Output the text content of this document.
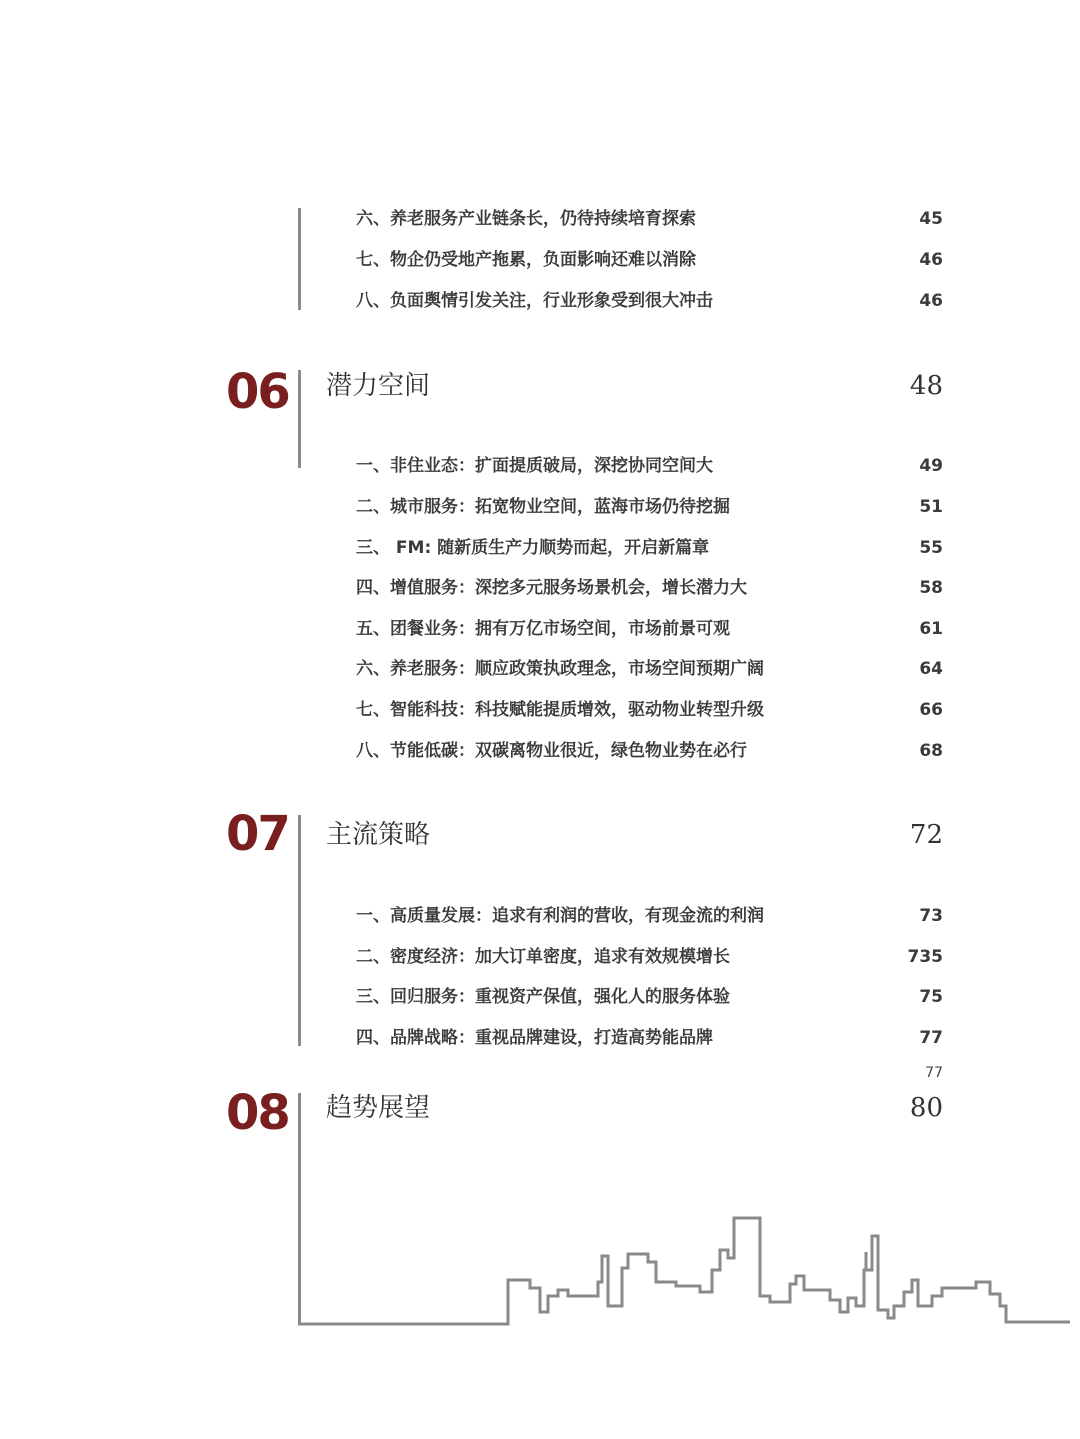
六、养老服务产业链条长，仍待持续培育探索	45
七、物企仍受地产拖累，负面影响还难以消除	46
八、负面舆情引发关注，行业形象受到很大冲击	46
06 潜力空间	48
一、非住业态：扩面提质破局，深挖协同空间大	49
二、城市服务：拓宽物业空间，蓝海市场仍待挖掘	51
三、 FM: 随新质生产力顺势而起，开启新篇章	55
四、增值服务：深挖多元服务场景机会，增长潜力大	58
五、团餐业务：拥有万亿市场空间，市场前景可观	61
六、养老服务：顺应政策执政理念，市场空间预期广阔	64
七、智能科技：科技赋能提质增效，驱动物业转型升级	66
八、节能低碳：双碳离物业很近，绿色物业势在必行	68
07 主流策略	72
一、高质量发展：追求有利润的营收，有现金流的利润	73
二、密度经济：加大订单密度，追求有效规模增长	735
三、回归服务：重视资产保值，强化人的服务体验	75
四、品牌战略：重视品牌建设，打造高势能品牌	77
77
08 趋势展望	80
